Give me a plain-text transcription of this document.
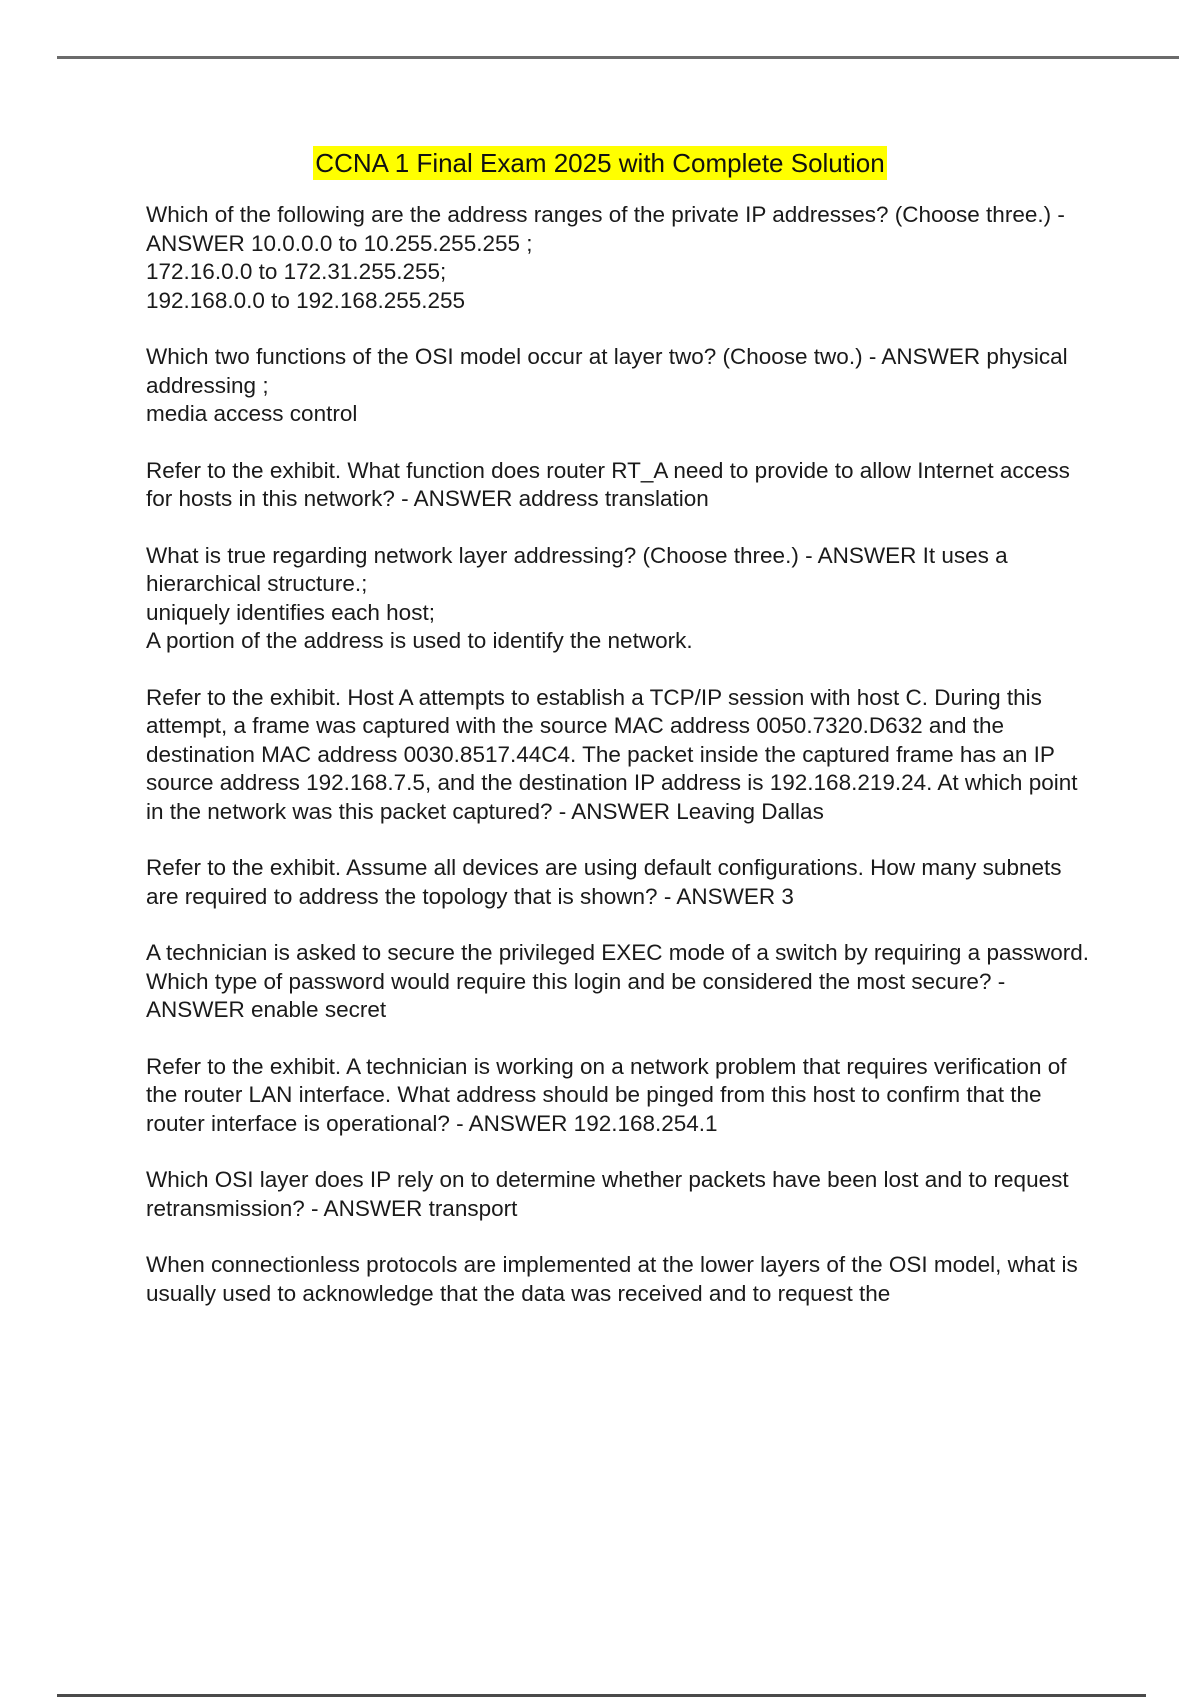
CCNA 1 Final Exam 2025 with Complete Solution

Which of the following are the address ranges of the private IP addresses? (Choose three.) - ANSWER 10.0.0.0 to 10.255.255.255 ;
172.16.0.0 to 172.31.255.255;
192.168.0.0 to 192.168.255.255

Which two functions of the OSI model occur at layer two? (Choose two.) - ANSWER physical addressing ;
media access control

Refer to the exhibit. What function does router RT_A need to provide to allow Internet access for hosts in this network? - ANSWER address translation

What is true regarding network layer addressing? (Choose three.) - ANSWER It uses a hierarchical structure.;
uniquely identifies each host;
A portion of the address is used to identify the network.

Refer to the exhibit. Host A attempts to establish a TCP/IP session with host C. During this attempt, a frame was captured with the source MAC address 0050.7320.D632 and the destination MAC address 0030.8517.44C4. The packet inside the captured frame has an IP source address 192.168.7.5, and the destination IP address is 192.168.219.24. At which point in the network was this packet captured? - ANSWER Leaving Dallas

Refer to the exhibit. Assume all devices are using default configurations. How many subnets are required to address the topology that is shown? - ANSWER 3

A technician is asked to secure the privileged EXEC mode of a switch by requiring a password. Which type of password would require this login and be considered the most secure? - ANSWER enable secret

Refer to the exhibit. A technician is working on a network problem that requires verification of the router LAN interface. What address should be pinged from this host to confirm that the router interface is operational? - ANSWER 192.168.254.1

Which OSI layer does IP rely on to determine whether packets have been lost and to request retransmission? - ANSWER transport

When connectionless protocols are implemented at the lower layers of the OSI model, what is usually used to acknowledge that the data was received and to request the
